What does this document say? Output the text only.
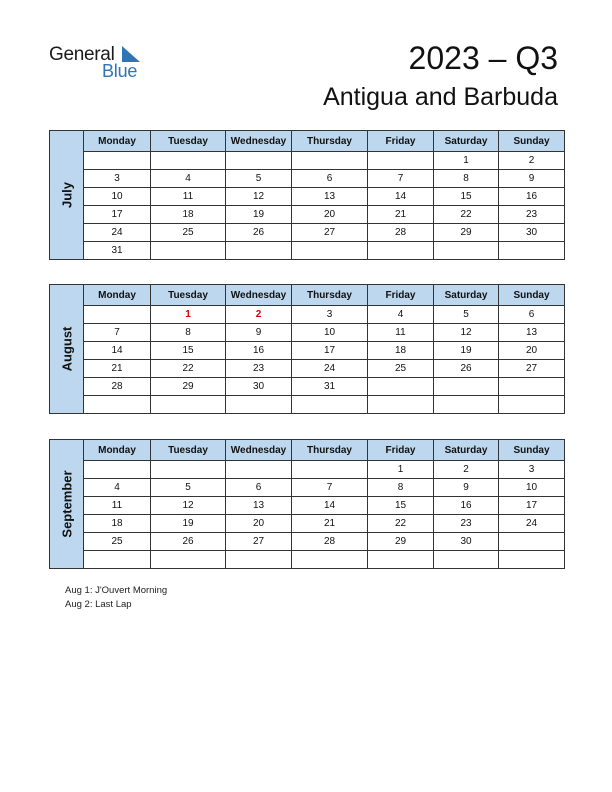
General
Blue	2023 – Q3
Antigua and Barbuda
July	Monday	Tuesday	Wednesday	Thursday	Friday	Saturday	Sunday
						1	2
	3	4	5	6	7	8	9
	10	11	12	13	14	15	16
	17	18	19	20	21	22	23
	24	25	26	27	28	29	30
	31						
August	Monday	Tuesday	Wednesday	Thursday	Friday	Saturday	Sunday
		1	2	3	4	5	6
	7	8	9	10	11	12	13
	14	15	16	17	18	19	20
	21	22	23	24	25	26	27
	28	29	30	31			

September	Monday	Tuesday	Wednesday	Thursday	Friday	Saturday	Sunday
					1	2	3
	4	5	6	7	8	9	10
	11	12	13	14	15	16	17
	18	19	20	21	22	23	24
	25	26	27	28	29	30	

Aug 1: J'Ouvert Morning
Aug 2: Last Lap
